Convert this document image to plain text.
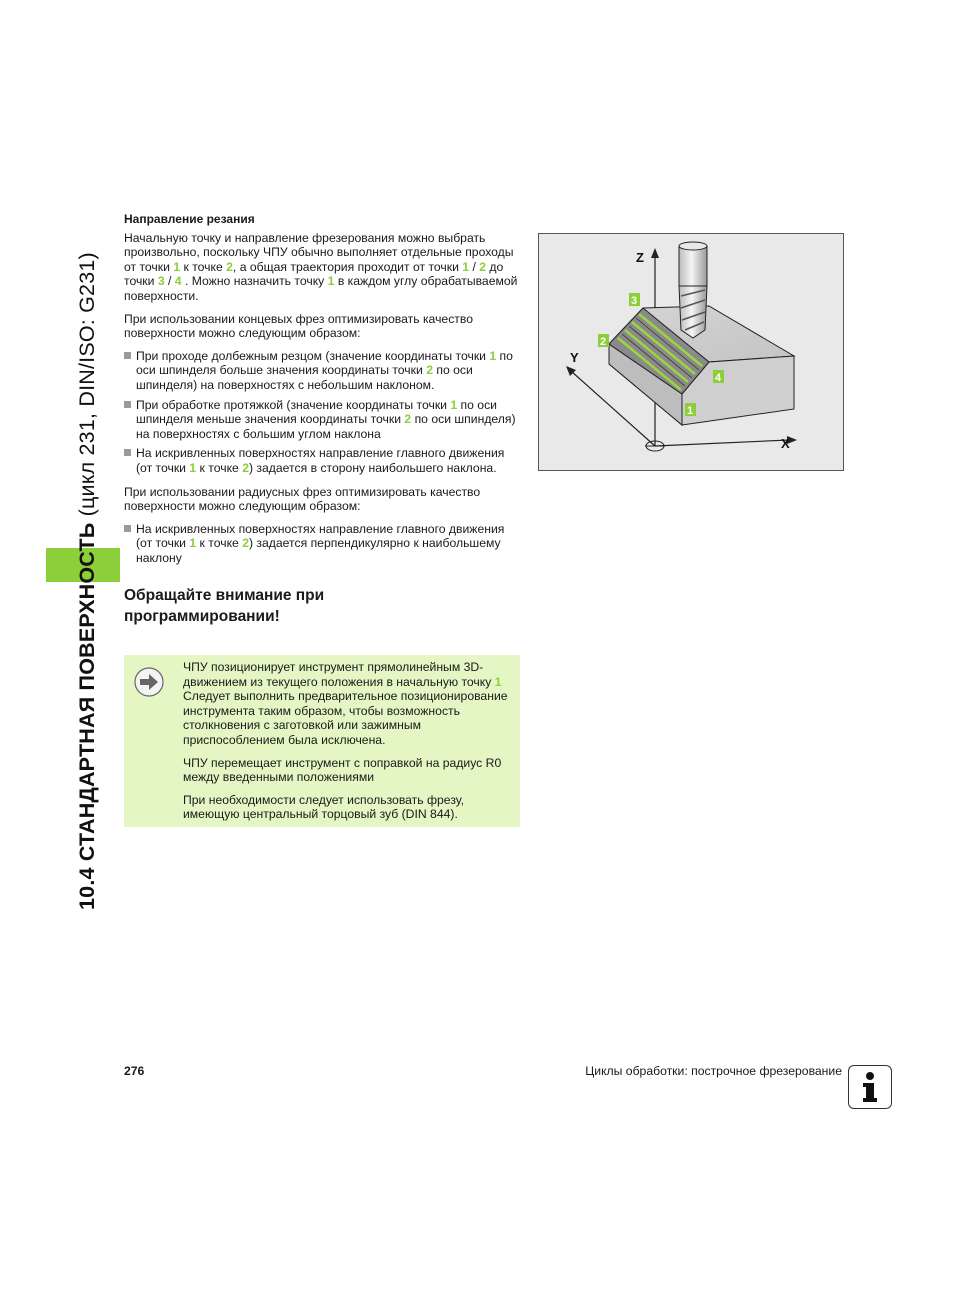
10.4 СТАНДАРТНАЯ ПОВЕРХНОСТЬ (цикл 231, DIN/ISO: G231)
Направление резания

Начальную точку и направление фрезерования можно выбрать произвольно, поскольку ЧПУ обычно выполняет отдельные проходы от точки 1 к точке 2, а общая траектория проходит от точки 1 / 2 до точки 3 / 4 . Можно назначить точку 1 в каждом углу обрабатываемой поверхности.

При использовании концевых фрез оптимизировать качество поверхности можно следующим образом:

При проходе долбежным резцом (значение координаты точки 1 по оси шпинделя больше значения координаты точки 2 по оси шпинделя) на поверхностях с небольшим наклоном.
При обработке протяжкой (значение координаты точки 1 по оси шпинделя меньше значения координаты точки 2 по оси шпинделя) на поверхностях с большим углом наклона
На искривленных поверхностях направление главного движения (от точки 1 к точке 2) задается в сторону наибольшего наклона.

При использовании радиусных фрез оптимизировать качество поверхности можно следующим образом:

На искривленных поверхностях направление главного движения (от точки 1 к точке 2) задается перпендикулярно к наибольшему наклону
Обращайте внимание при программировании!

ЧПУ позиционирует инструмент прямолинейным 3D-движением из текущего положения в начальную точку 1 Следует выполнить предварительное позиционирование инструмента таким образом, чтобы возможность столкновения с заготовкой или зажимным приспособлением была исключена.

ЧПУ перемещает инструмент с поправкой на радиус R0 между введенными положениями

При необходимости следует использовать фрезу, имеющую центральный торцовый зуб (DIN 844).

Z
Y
X
3
2
4
1
276	Циклы обработки: построчное фрезерование
